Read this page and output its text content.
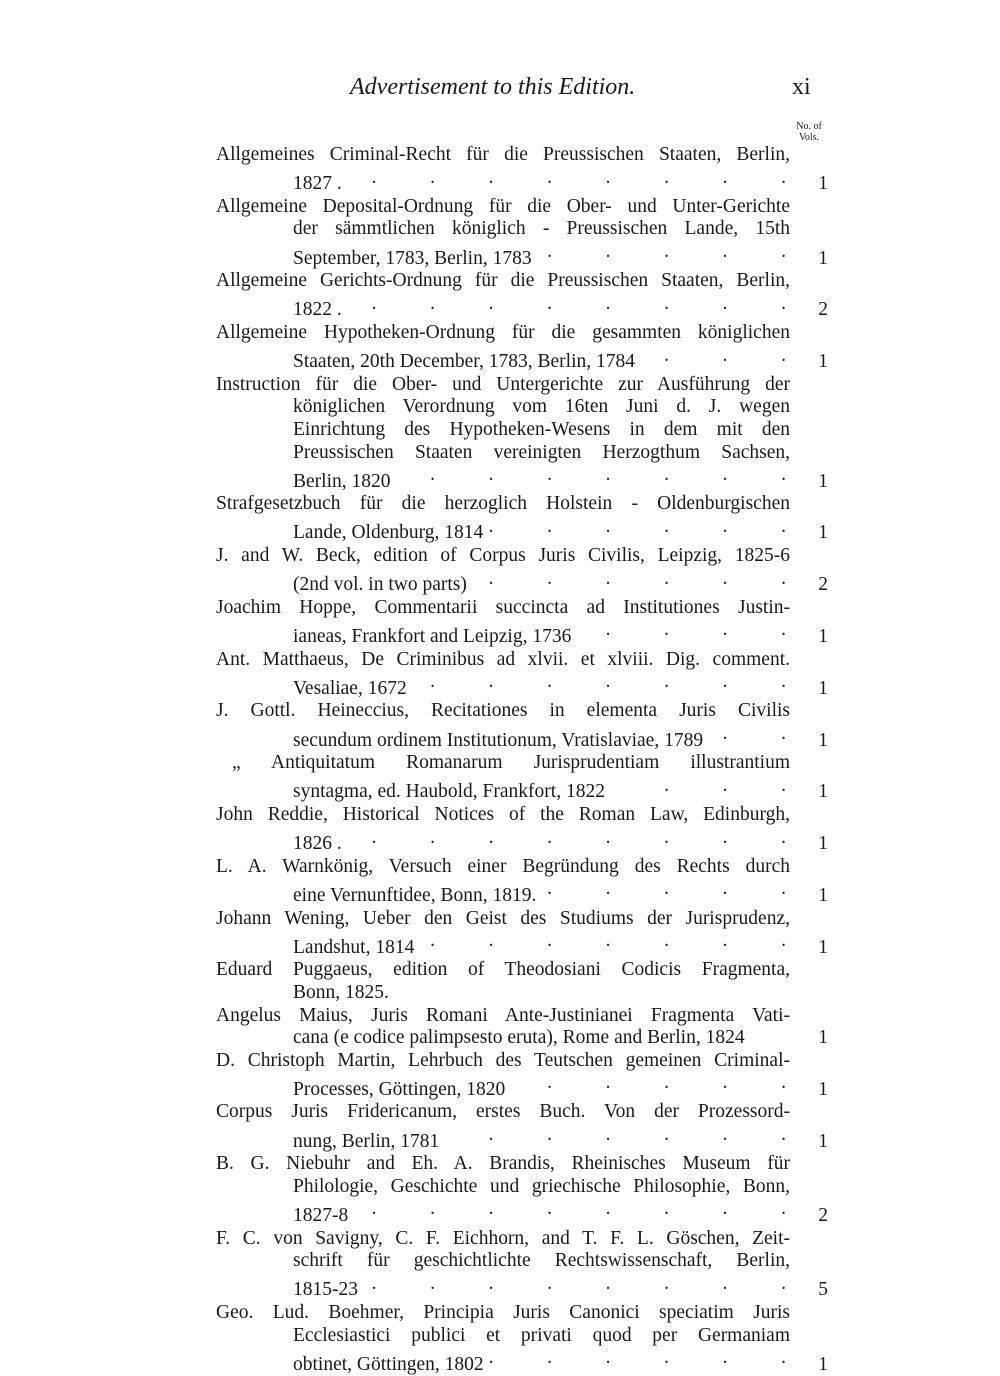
Advertisement to this Edition.	xi
No. of
Vols.
Allgemeines Criminal-Recht für die Preussischen Staaten, Berlin,
1827 . .	1
Allgemeine Deposital-Ordnung für die Ober- und Unter-Gerichte
der sämmtlichen königlich - Preussischen Lande, 15th
September, 1783, Berlin, 1783 .	1
Allgemeine Gerichts-Ordnung für die Preussischen Staaten, Berlin,
1822 . .	2
Allgemeine Hypotheken-Ordnung für die gesammten königlichen
Staaten, 20th December, 1783, Berlin, 1784 .	1
Instruction für die Ober- und Untergerichte zur Ausführung der
königlichen Verordnung vom 16ten Juni d. J. wegen
Einrichtung des Hypotheken-Wesens in dem mit den
Preussischen Staaten vereinigten Herzogthum Sachsen,
Berlin, 1820 .	1
Strafgesetzbuch für die herzoglich Holstein - Oldenburgischen
Lande, Oldenburg, 1814 .	1
J. and W. Beck, edition of Corpus Juris Civilis, Leipzig, 1825-6
(2nd vol. in two parts) .	2
Joachim Hoppe, Commentarii succincta ad Institutiones Justin-
ianeas, Frankfort and Leipzig, 1736 .	1
Ant. Matthaeus, De Criminibus ad xlvii. et xlviii. Dig. comment.
Vesaliae, 1672 .	1
J. Gottl. Heineccius, Recitationes in elementa Juris Civilis
secundum ordinem Institutionum, Vratislaviae, 1789 .	1
„ Antiquitatum Romanarum Jurisprudentiam illustrantium
syntagma, ed. Haubold, Frankfort, 1822 .	1
John Reddie, Historical Notices of the Roman Law, Edinburgh,
1826 . .	1
L. A. Warnkönig, Versuch einer Begründung des Rechts durch
eine Vernunftidee, Bonn, 1819. .	1
Johann Wening, Ueber den Geist des Studiums der Jurisprudenz,
Landshut, 1814 .	1
Eduard Puggaeus, edition of Theodosiani Codicis Fragmenta,
Bonn, 1825.
Angelus Maius, Juris Romani Ante-Justinianei Fragmenta Vati-
cana (e codice palimpsesto eruta), Rome and Berlin, 1824	1
D. Christoph Martin, Lehrbuch des Teutschen gemeinen Criminal-
Processes, Göttingen, 1820 .	1
Corpus Juris Fridericanum, erstes Buch. Von der Prozessord-
nung, Berlin, 1781 .	1
B. G. Niebuhr and Eh. A. Brandis, Rheinisches Museum für
Philologie, Geschichte und griechische Philosophie, Bonn,
1827-8 .	2
F. C. von Savigny, C. F. Eichhorn, and T. F. L. Göschen, Zeit-
schrift für geschichtlichte Rechtswissenschaft, Berlin,
1815-23 .	5
Geo. Lud. Boehmer, Principia Juris Canonici speciatim Juris
Ecclesiastici publici et privati quod per Germaniam
obtinet, Göttingen, 1802 .	1
